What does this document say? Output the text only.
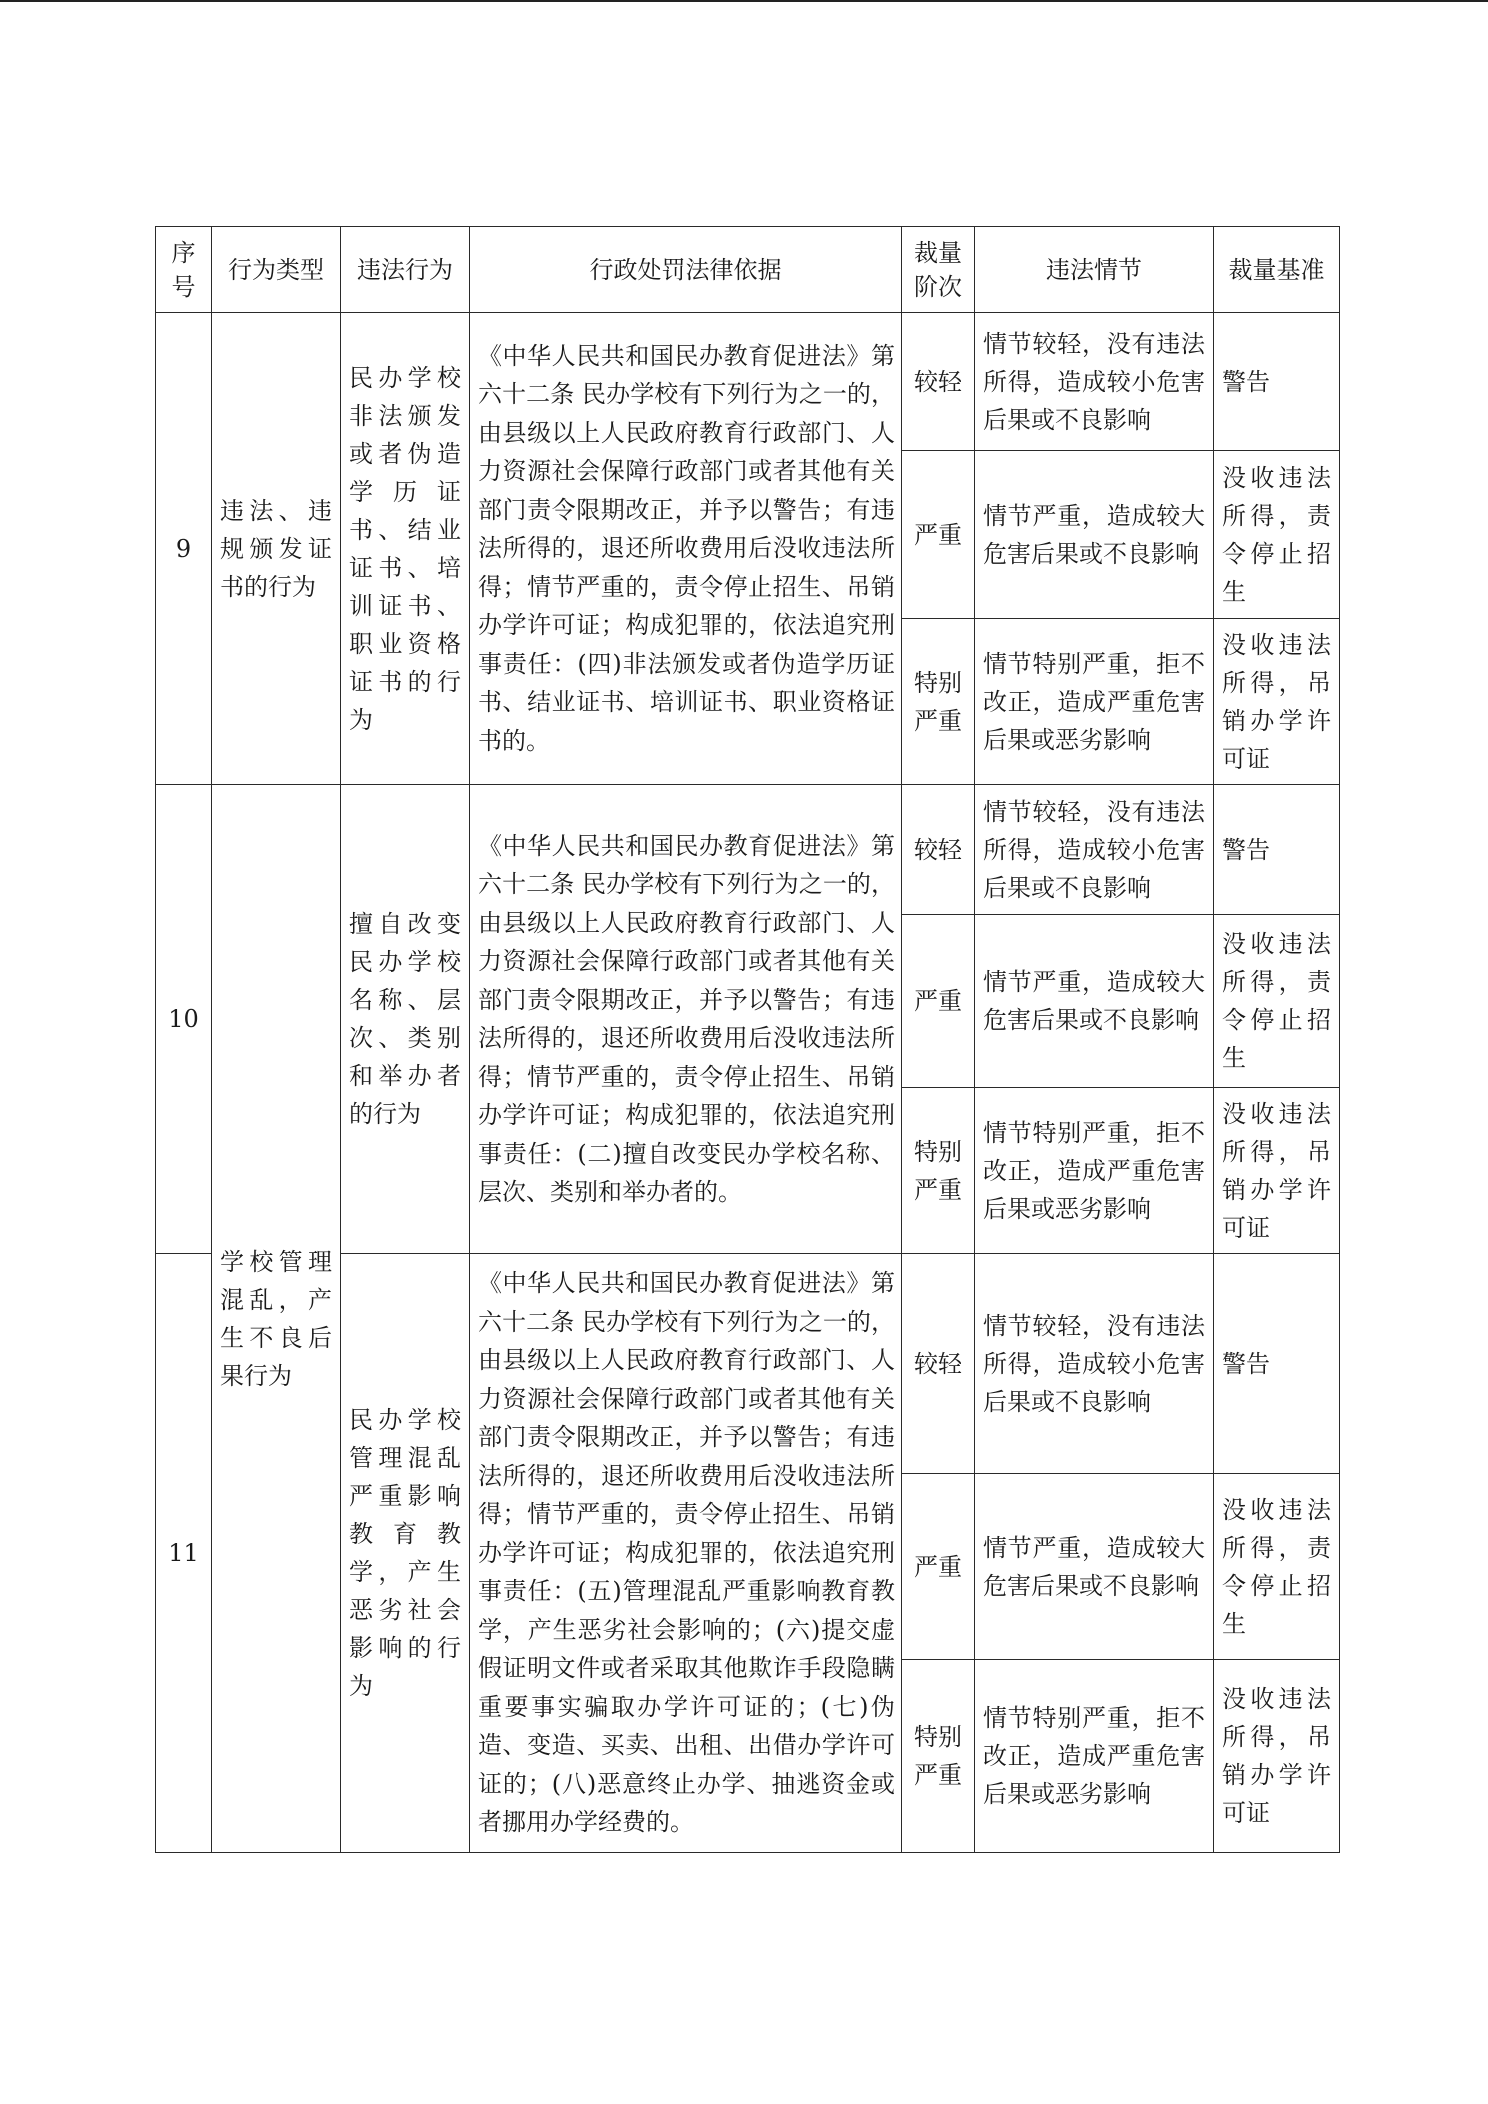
序号	行为类型	违法行为	行政处罚法律依据	裁量阶次	违法情节	裁量基准
9	违法、违规颁发证书的行为	民办学校非法颁发或者伪造学历证书、结业证书、培训证书、职业资格证书的行为	《中华人民共和国民办教育促进法》第六十二条 民办学校有下列行为之一的，由县级以上人民政府教育行政部门、人力资源社会保障行政部门或者其他有关部门责令限期改正，并予以警告；有违法所得的，退还所收费用后没收违法所得；情节严重的，责令停止招生、吊销办学许可证；构成犯罪的，依法追究刑事责任：(四)非法颁发或者伪造学历证书、结业证书、培训证书、职业资格证书的。	较轻	情节较轻，没有违法所得，造成较小危害后果或不良影响	警告

				严重	情节严重，造成较大危害后果或不良影响	没收违法所得，责令停止招生

				特别严重	情节特别严重，拒不改正，造成严重危害后果或恶劣影响	没收违法所得，吊销办学许可证
10	学校管理混乱，产生不良后果行为	擅自改变民办学校名称、层次、类别和举办者的行为	《中华人民共和国民办教育促进法》第六十二条 民办学校有下列行为之一的，由县级以上人民政府教育行政部门、人力资源社会保障行政部门或者其他有关部门责令限期改正，并予以警告；有违法所得的，退还所收费用后没收违法所得；情节严重的，责令停止招生、吊销办学许可证；构成犯罪的，依法追究刑事责任：(二)擅自改变民办学校名称、层次、类别和举办者的。	较轻	情节较轻，没有违法所得，造成较小危害后果或不良影响	警告

				严重	情节严重，造成较大危害后果或不良影响	没收违法所得，责令停止招生

				特别严重	情节特别严重，拒不改正，造成严重危害后果或恶劣影响	没收违法所得，吊销办学许可证
11		民办学校管理混乱严重影响教育教学，产生恶劣社会影响的行为	《中华人民共和国民办教育促进法》第六十二条 民办学校有下列行为之一的，由县级以上人民政府教育行政部门、人力资源社会保障行政部门或者其他有关部门责令限期改正，并予以警告；有违法所得的，退还所收费用后没收违法所得；情节严重的，责令停止招生、吊销办学许可证；构成犯罪的，依法追究刑事责任：(五)管理混乱严重影响教育教学，产生恶劣社会影响的；(六)提交虚假证明文件或者采取其他欺诈手段隐瞒重要事实骗取办学许可证的；(七)伪造、变造、买卖、出租、出借办学许可证的；(八)恶意终止办学、抽逃资金或者挪用办学经费的。	较轻	情节较轻，没有违法所得，造成较小危害后果或不良影响	警告

				严重	情节严重，造成较大危害后果或不良影响	没收违法所得，责令停止招生

				特别严重	情节特别严重，拒不改正，造成严重危害后果或恶劣影响	没收违法所得，吊销办学许可证
